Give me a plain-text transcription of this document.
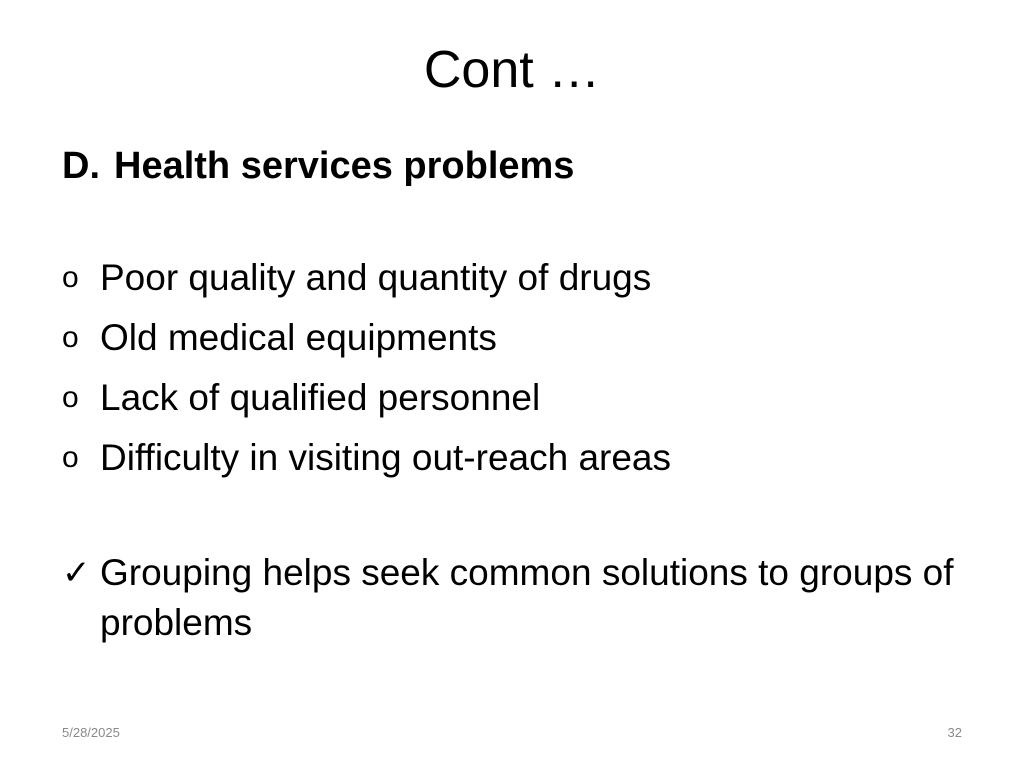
Cont …
D. Health services problems
o Poor quality and quantity of drugs
o Old medical equipments
o Lack of qualified personnel
o Difficulty in visiting out-reach areas

✓ Grouping helps seek common solutions to groups of problems

5/28/2025	32
